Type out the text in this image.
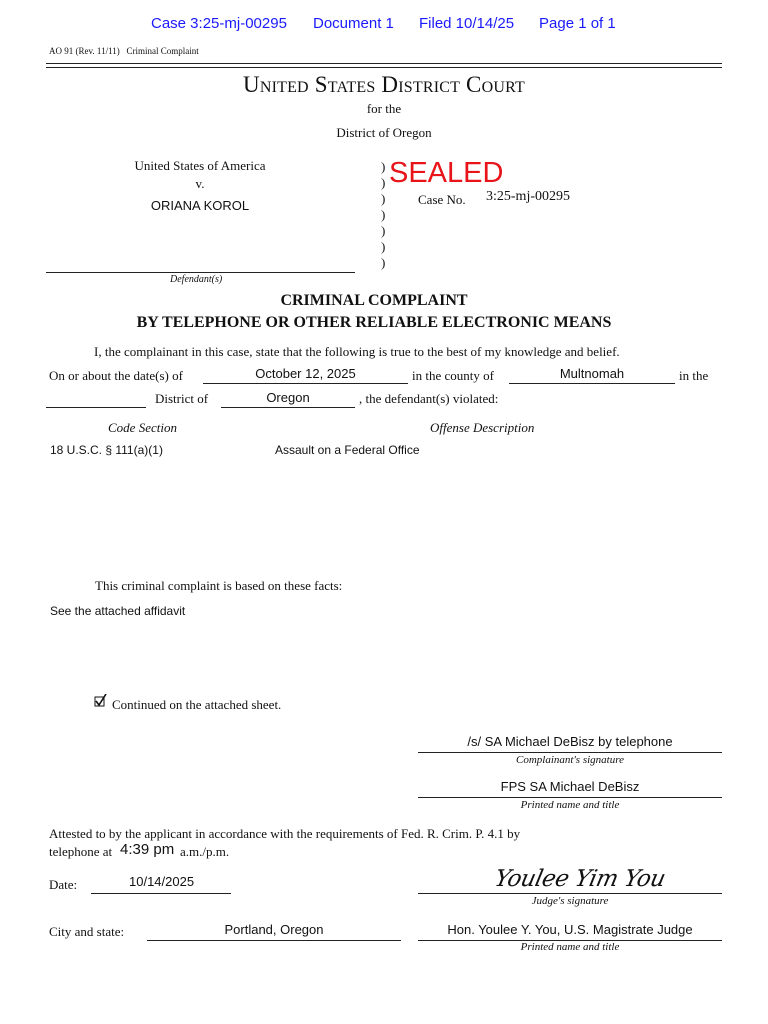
Case 3:25-mj-00295 Document 1 Filed 10/14/25 Page 1 of 1
AO 91 (Rev. 11/11)   Criminal Complaint
United States District Court
for the
District of Oregon
United States of America
v.
ORIANA KOROL
Defendant(s)
)
)
)
)
)
)
)
SEALED
Case No. 3:25-mj-00295
CRIMINAL COMPLAINT
BY TELEPHONE OR OTHER RELIABLE ELECTRONIC MEANS
I, the complainant in this case, state that the following is true to the best of my knowledge and belief.
On or about the date(s) of	October 12, 2025	in the county of	Multnomah	in the
District of	Oregon	, the defendant(s) violated:
Code Section	Offense Description
18 U.S.C. § 111(a)(1)	Assault on a Federal Office
This criminal complaint is based on these facts:
See the attached affidavit
Continued on the attached sheet.
/s/ SA Michael DeBisz by telephone
Complainant's signature
FPS SA Michael DeBisz
Printed name and title
Attested to by the applicant in accordance with the requirements of Fed. R. Crim. P. 4.1 by
telephone at 4:39 pm a.m./p.m.
Date:	10/14/2025	Youlee Yim You
Judge's signature
City and state:	Portland, Oregon	Hon. Youlee Y. You, U.S. Magistrate Judge
Printed name and title
